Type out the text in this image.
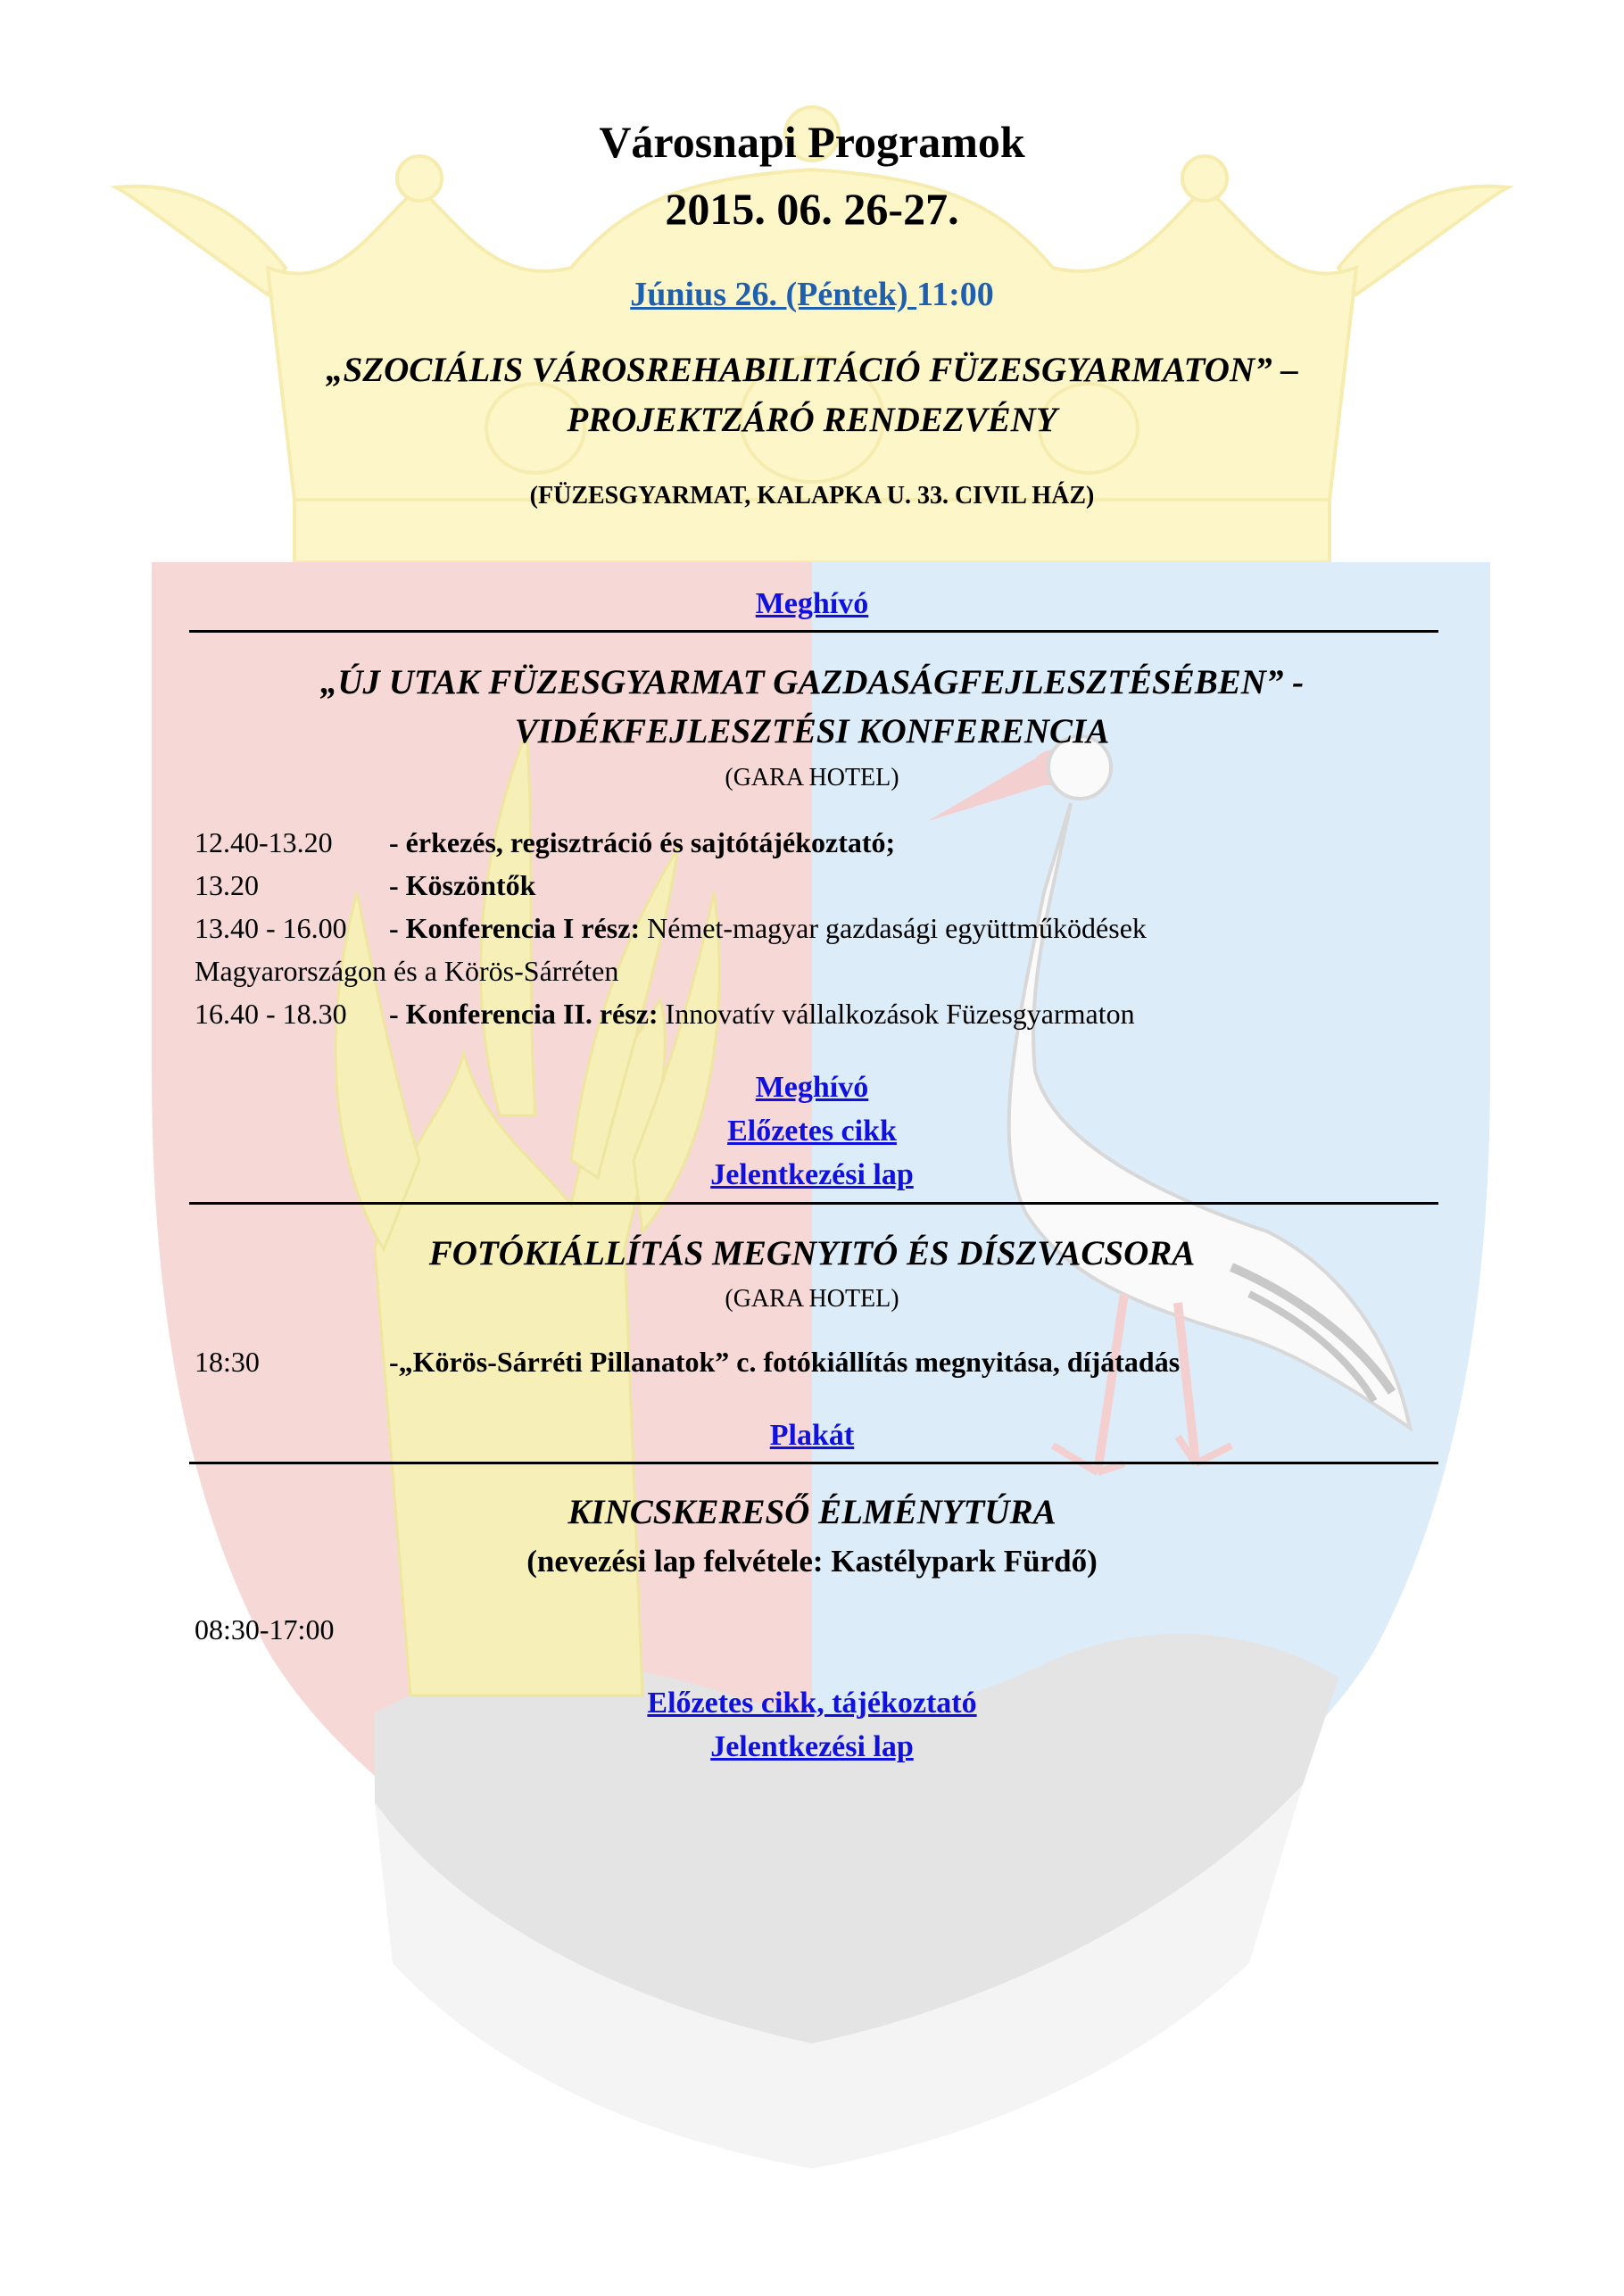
Városnapi Programok
2015. 06. 26-27.
Június 26. (Péntek) 11:00
„SZOCIÁLIS VÁROSREHABILITÁCIÓ FÜZESGYARMATON” –
PROJEKTZÁRÓ RENDEZVÉNY
(FÜZESGYARMAT, KALAPKA U. 33. CIVIL HÁZ)
Meghívó
„ÚJ UTAK FÜZESGYARMAT GAZDASÁGFEJLESZTÉSÉBEN” -
VIDÉKFEJLESZTÉSI KONFERENCIA
(GARA HOTEL)
12.40-13.20 - érkezés, regisztráció és sajtótájékoztató;
13.20	- Köszöntők
13.40 - 16.00 - Konferencia I rész: Német-magyar gazdasági együttműködések
Magyarországon és a Körös-Sárréten
16.40 - 18.30 - Konferencia II. rész: Innovatív vállalkozások Füzesgyarmaton
Meghívó
Előzetes cikk
Jelentkezési lap
FOTÓKIÁLLÍTÁS MEGNYITÓ ÉS DÍSZVACSORA
(GARA HOTEL)
18:30	-„Körös-Sárréti Pillanatok” c. fotókiállítás megnyitása, díjátadás
Plakát
KINCSKERESŐ ÉLMÉNYTÚRA
(nevezési lap felvétele: Kastélypark Fürdő)
08:30-17:00
Előzetes cikk, tájékoztató
Jelentkezési lap
